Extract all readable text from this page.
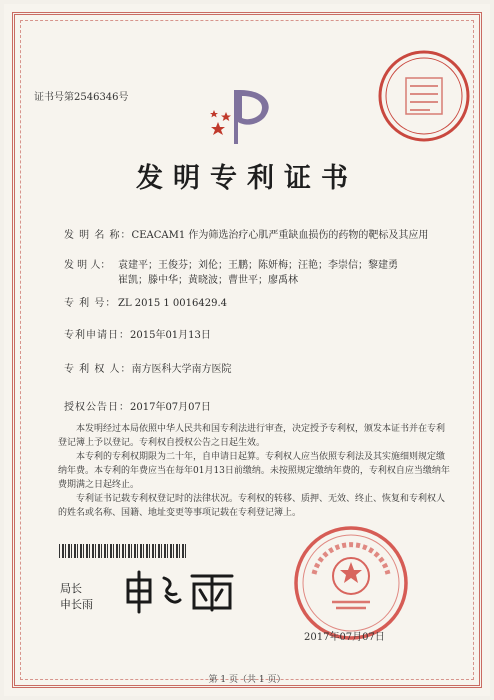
证书号第2546346号
发明专利证书
发 明 名 称：CEACAM1 作为筛选治疗心肌严重缺血损伤的药物的靶标及其应用
发 明 人： 袁建平；王俊芬；刘伦；王鹏；陈妍梅；汪艳；李崇信；黎建勇
崔凯；滕中华；黄晓波；曹世平；廖禹林
专 利 号： ZL 2015 1 0016429.4
专利申请日：2015年01月13日
专 利 权 人：南方医科大学南方医院
授权公告日：2017年07月07日

本发明经过本局依照中华人民共和国专利法进行审查，决定授予专利权，颁发本证书并在专利登记簿上予以登记。专利权自授权公告之日起生效。

本专利的专利权期限为二十年，自申请日起算。专利权人应当依照专利法及其实施细则规定缴纳年费。本专利的年费应当在每年01月13日前缴纳。未按照规定缴纳年费的，专利权自应当缴纳年费期满之日起终止。

专利证书记载专利权登记时的法律状况。专利权的转移、质押、无效、终止、恢复和专利权人的姓名或名称、国籍、地址变更等事项记载在专利登记簿上。

局长
申长雨
2017年07月07日
第 1 页（共 1 页）
